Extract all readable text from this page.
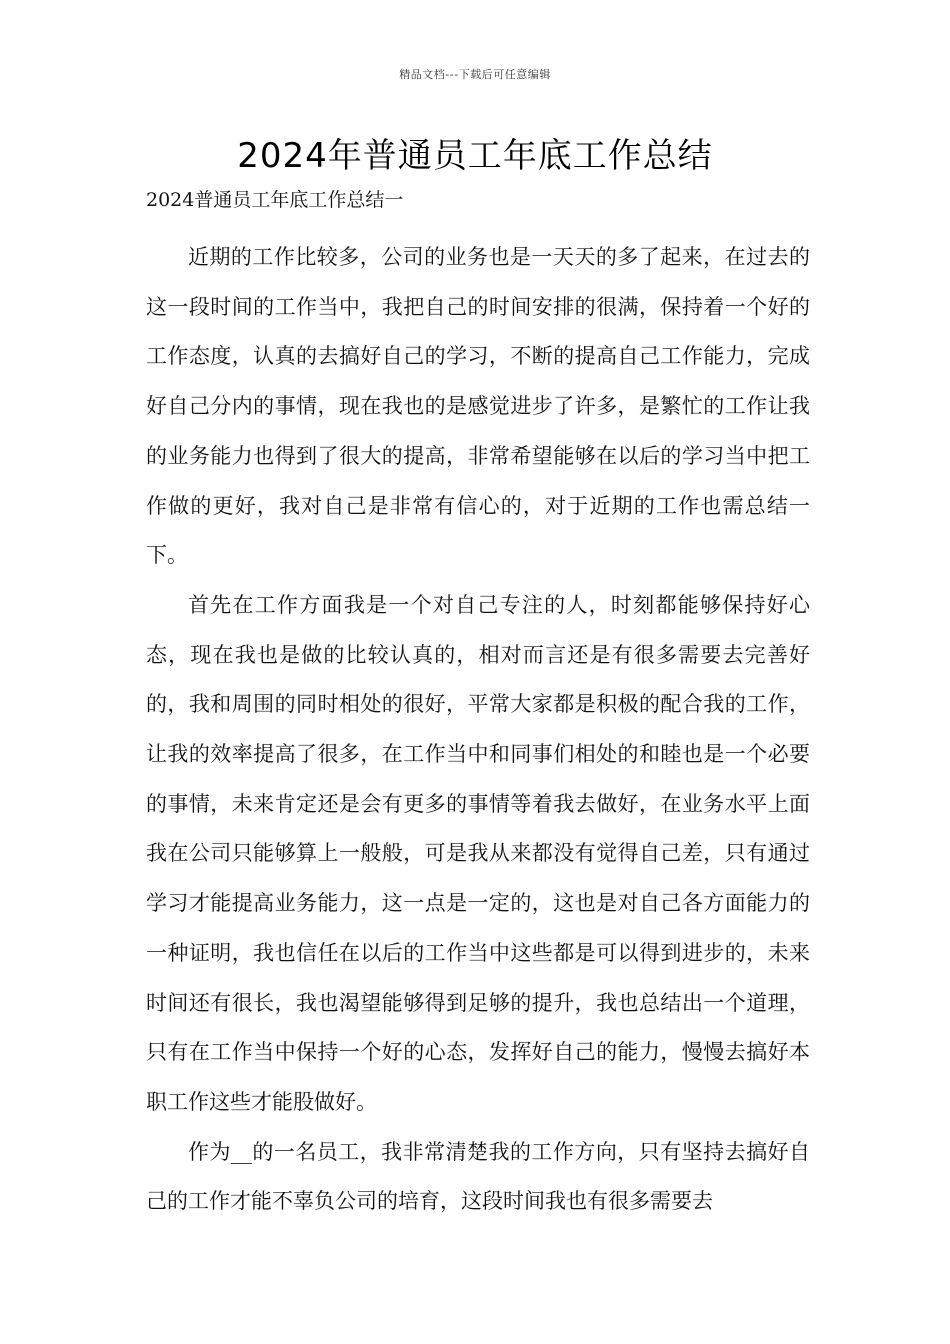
精品文档---下载后可任意编辑
2024年普通员工年底工作总结
2024普通员工年底工作总结一

近期的工作比较多，公司的业务也是一天天的多了起来，在过去的这一段时间的工作当中，我把自己的时间安排的很满，保持着一个好的工作态度，认真的去搞好自己的学习，不断的提高自己工作能力，完成好自己分内的事情，现在我也的是感觉进步了许多，是繁忙的工作让我的业务能力也得到了很大的提高，非常希望能够在以后的学习当中把工作做的更好，我对自己是非常有信心的，对于近期的工作也需总结一下。

首先在工作方面我是一个对自己专注的人，时刻都能够保持好心态，现在我也是做的比较认真的，相对而言还是有很多需要去完善好的，我和周围的同时相处的很好，平常大家都是积极的配合我的工作，让我的效率提高了很多，在工作当中和同事们相处的和睦也是一个必要的事情，未来肯定还是会有更多的事情等着我去做好，在业务水平上面我在公司只能够算上一般般，可是我从来都没有觉得自己差，只有通过学习才能提高业务能力，这一点是一定的，这也是对自己各方面能力的一种证明，我也信任在以后的工作当中这些都是可以得到进步的，未来时间还有很长，我也渴望能够得到足够的提升，我也总结出一个道理，只有在工作当中保持一个好的心态，发挥好自己的能力，慢慢去搞好本职工作这些才能股做好。

作为__的一名员工，我非常清楚我的工作方向，只有坚持去搞好自己的工作才能不辜负公司的培育，这段时间我也有很多需要去
